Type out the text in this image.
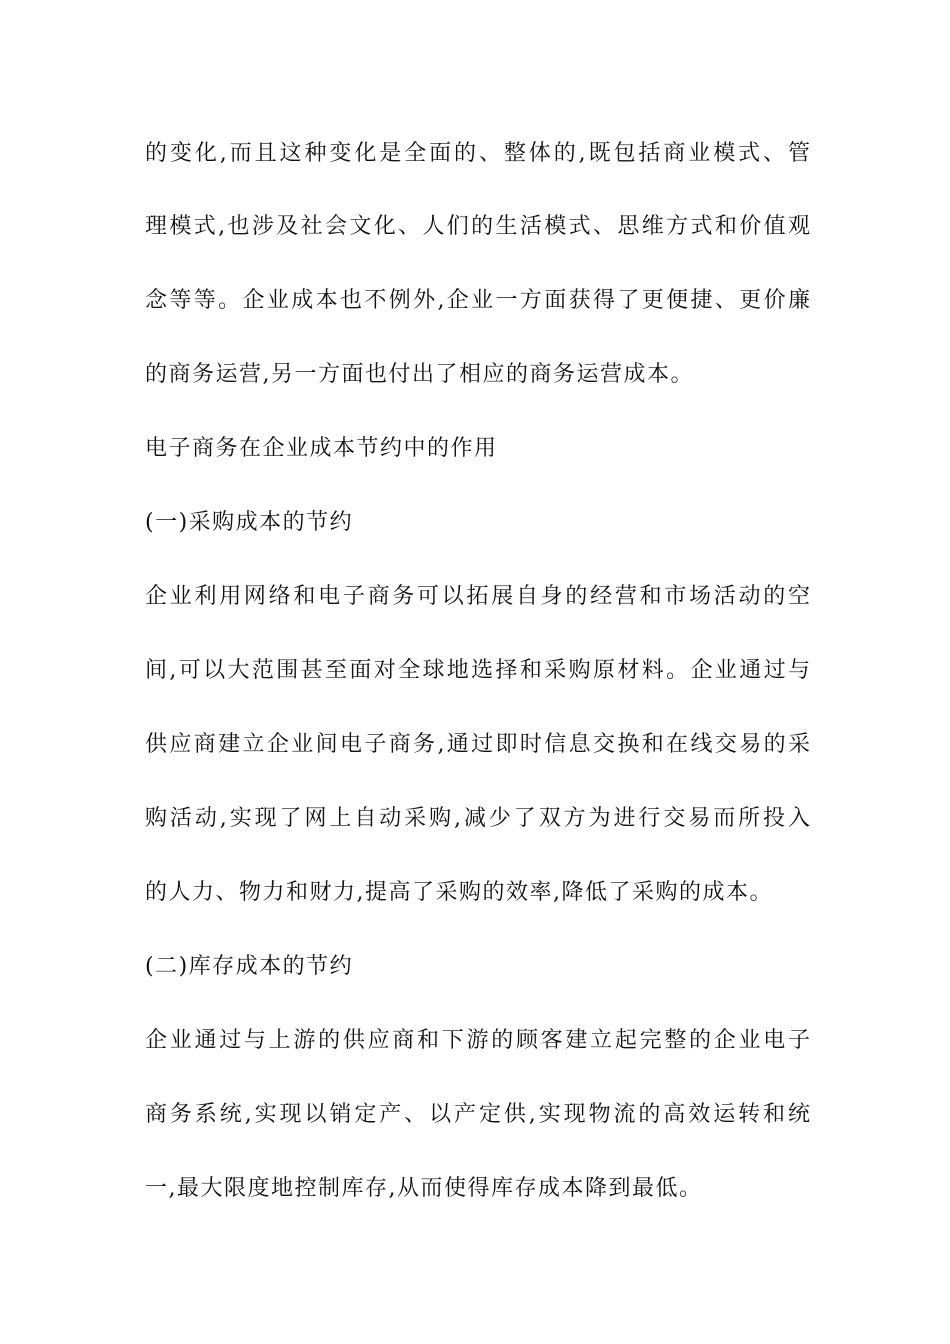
的变化,而且这种变化是全面的、整体的,既包括商业模式、管
理模式,也涉及社会文化、人们的生活模式、思维方式和价值观
念等等。企业成本也不例外,企业一方面获得了更便捷、更价廉
的商务运营,另一方面也付出了相应的商务运营成本。
电子商务在企业成本节约中的作用
(一)采购成本的节约
企业利用网络和电子商务可以拓展自身的经营和市场活动的空
间,可以大范围甚至面对全球地选择和采购原材料。企业通过与
供应商建立企业间电子商务,通过即时信息交换和在线交易的采
购活动,实现了网上自动采购,减少了双方为进行交易而所投入
的人力、物力和财力,提高了采购的效率,降低了采购的成本。
(二)库存成本的节约
企业通过与上游的供应商和下游的顾客建立起完整的企业电子
商务系统,实现以销定产、以产定供,实现物流的高效运转和统
一,最大限度地控制库存,从而使得库存成本降到最低。
